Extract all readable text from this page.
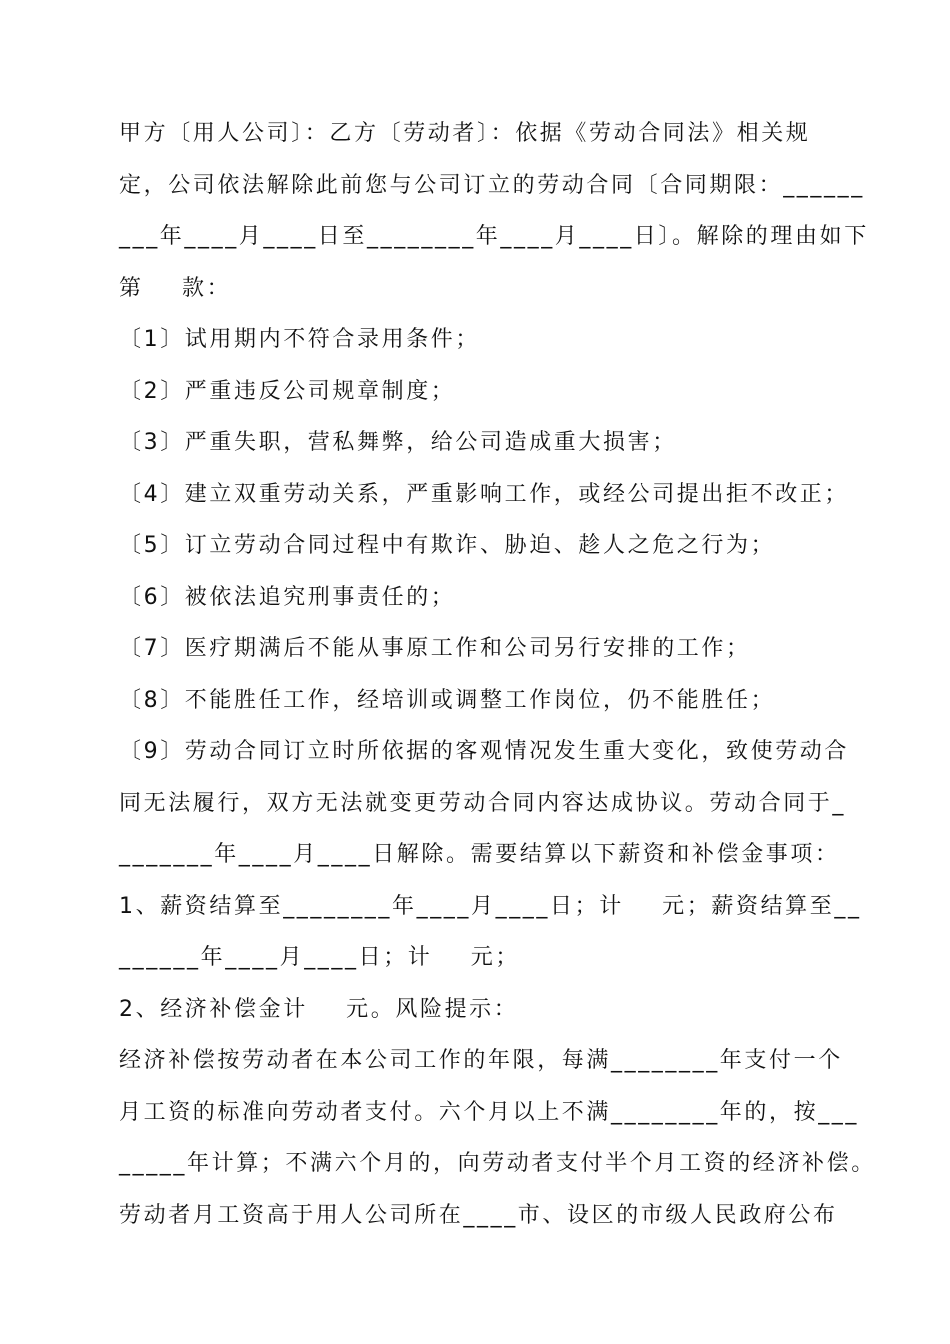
甲方〔用人公司〕：乙方〔劳动者〕：依据《劳动合同法》相关规
定，公司依法解除此前您与公司订立的劳动合同〔合同期限：______
___年____月____日至________年____月____日〕。解除的理由如下
第    款：
〔1〕试用期内不符合录用条件；
〔2〕严重违反公司规章制度；
〔3〕严重失职，营私舞弊，给公司造成重大损害；
〔4〕建立双重劳动关系，严重影响工作，或经公司提出拒不改正；
〔5〕订立劳动合同过程中有欺诈、胁迫、趁人之危之行为；
〔6〕被依法追究刑事责任的；
〔7〕医疗期满后不能从事原工作和公司另行安排的工作；
〔8〕不能胜任工作，经培训或调整工作岗位，仍不能胜任；
〔9〕劳动合同订立时所依据的客观情况发生重大变化，致使劳动合
同无法履行，双方无法就变更劳动合同内容达成协议。劳动合同于_
_______年____月____日解除。需要结算以下薪资和补偿金事项：
1、薪资结算至________年____月____日；计    元；薪资结算至__
______年____月____日；计    元；
2、经济补偿金计    元。风险提示：
经济补偿按劳动者在本公司工作的年限，每满________年支付一个
月工资的标准向劳动者支付。六个月以上不满________年的，按___
_____年计算；不满六个月的，向劳动者支付半个月工资的经济补偿。
劳动者月工资高于用人公司所在____市、设区的市级人民政府公布
